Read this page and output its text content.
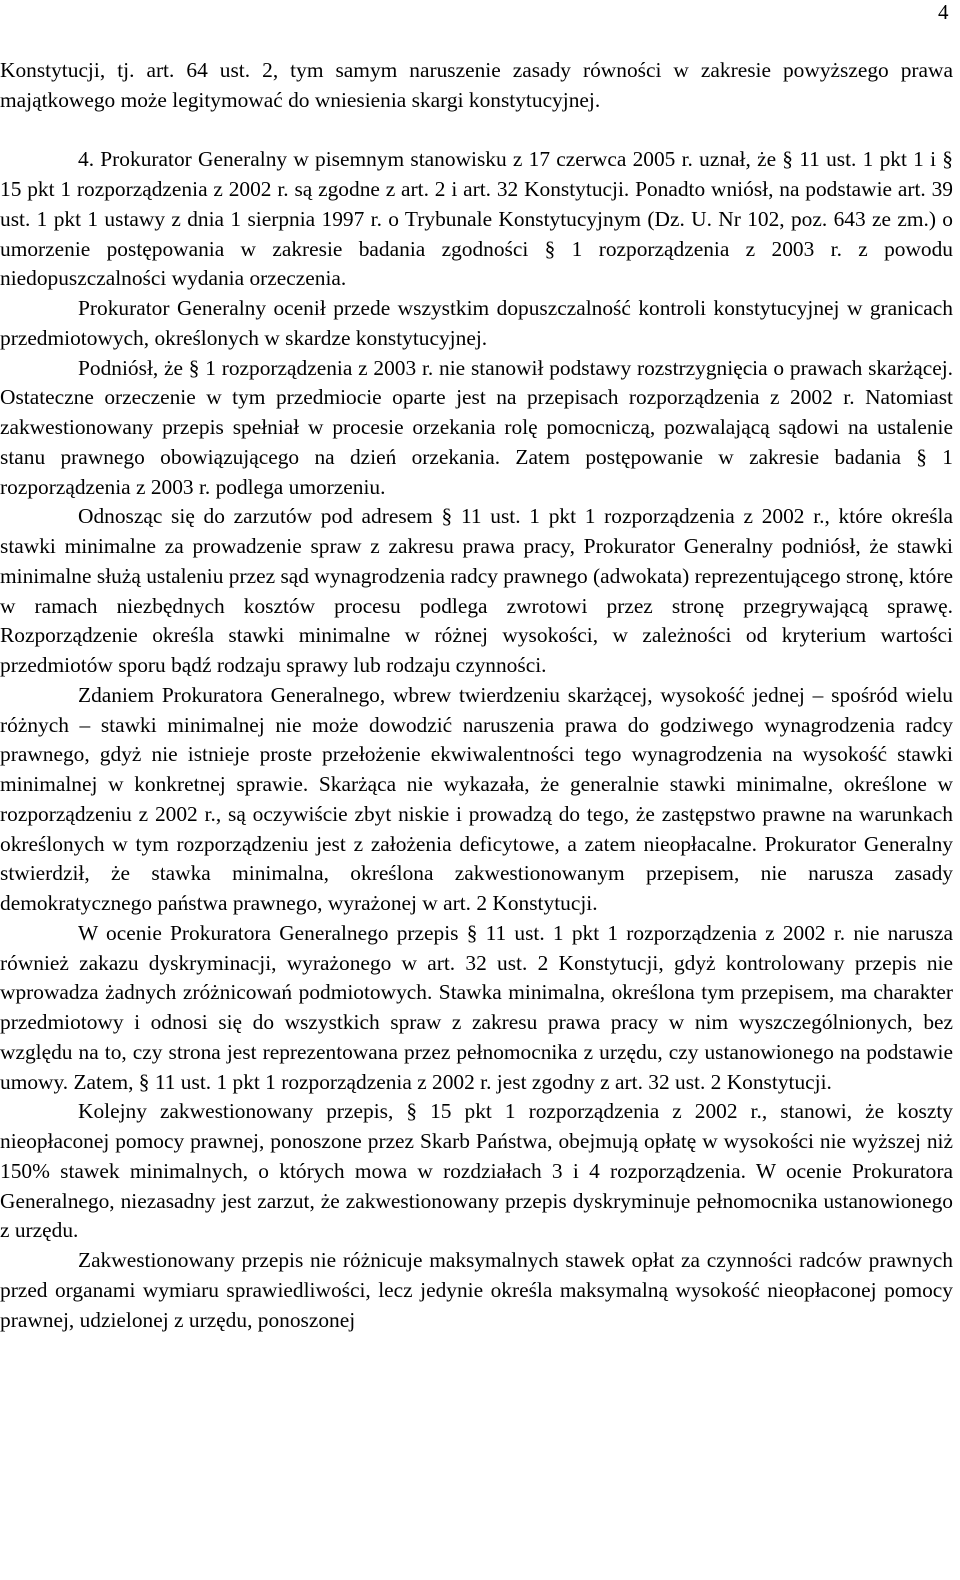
4

Konstytucji, tj. art. 64 ust. 2, tym samym naruszenie zasady równości w zakresie powyższego prawa majątkowego może legitymować do wniesienia skargi konstytucyjnej.

4. Prokurator Generalny w pisemnym stanowisku z 17 czerwca 2005 r. uznał, że § 11 ust. 1 pkt 1 i § 15 pkt 1 rozporządzenia z 2002 r. są zgodne z art. 2 i art. 32 Konstytucji. Ponadto wniósł, na podstawie art. 39 ust. 1 pkt 1 ustawy z dnia 1 sierpnia 1997 r. o Trybunale Konstytucyjnym (Dz. U. Nr 102, poz. 643 ze zm.) o umorzenie postępowania w zakresie badania zgodności § 1 rozporządzenia z 2003 r. z powodu niedopuszczalności wydania orzeczenia.

Prokurator Generalny ocenił przede wszystkim dopuszczalność kontroli konstytucyjnej w granicach przedmiotowych, określonych w skardze konstytucyjnej.

Podniósł, że § 1 rozporządzenia z 2003 r. nie stanowił podstawy rozstrzygnięcia o prawach skarżącej. Ostateczne orzeczenie w tym przedmiocie oparte jest na przepisach rozporządzenia z 2002 r. Natomiast zakwestionowany przepis spełniał w procesie orzekania rolę pomocniczą, pozwalającą sądowi na ustalenie stanu prawnego obowiązującego na dzień orzekania. Zatem postępowanie w zakresie badania § 1 rozporządzenia z 2003 r. podlega umorzeniu.

Odnosząc się do zarzutów pod adresem § 11 ust. 1 pkt 1 rozporządzenia z 2002 r., które określa stawki minimalne za prowadzenie spraw z zakresu prawa pracy, Prokurator Generalny podniósł, że stawki minimalne służą ustaleniu przez sąd wynagrodzenia radcy prawnego (adwokata) reprezentującego stronę, które w ramach niezbędnych kosztów procesu podlega zwrotowi przez stronę przegrywającą sprawę. Rozporządzenie określa stawki minimalne w różnej wysokości, w zależności od kryterium wartości przedmiotów sporu bądź rodzaju sprawy lub rodzaju czynności.

Zdaniem Prokuratora Generalnego, wbrew twierdzeniu skarżącej, wysokość jednej – spośród wielu różnych – stawki minimalnej nie może dowodzić naruszenia prawa do godziwego wynagrodzenia radcy prawnego, gdyż nie istnieje proste przełożenie ekwiwalentności tego wynagrodzenia na wysokość stawki minimalnej w konkretnej sprawie. Skarżąca nie wykazała, że generalnie stawki minimalne, określone w rozporządzeniu z 2002 r., są oczywiście zbyt niskie i prowadzą do tego, że zastępstwo prawne na warunkach określonych w tym rozporządzeniu jest z założenia deficytowe, a zatem nieopłacalne. Prokurator Generalny stwierdził, że stawka minimalna, określona zakwestionowanym przepisem, nie narusza zasady demokratycznego państwa prawnego, wyrażonej w art. 2 Konstytucji.

W ocenie Prokuratora Generalnego przepis § 11 ust. 1 pkt 1 rozporządzenia z 2002 r. nie narusza również zakazu dyskryminacji, wyrażonego w art. 32 ust. 2 Konstytucji, gdyż kontrolowany przepis nie wprowadza żadnych zróżnicowań podmiotowych. Stawka minimalna, określona tym przepisem, ma charakter przedmiotowy i odnosi się do wszystkich spraw z zakresu prawa pracy w nim wyszczególnionych, bez względu na to, czy strona jest reprezentowana przez pełnomocnika z urzędu, czy ustanowionego na podstawie umowy. Zatem, § 11 ust. 1 pkt 1 rozporządzenia z 2002 r. jest zgodny z art. 32 ust. 2 Konstytucji.

Kolejny zakwestionowany przepis, § 15 pkt 1 rozporządzenia z 2002 r., stanowi, że koszty nieopłaconej pomocy prawnej, ponoszone przez Skarb Państwa, obejmują opłatę w wysokości nie wyższej niż 150% stawek minimalnych, o których mowa w rozdziałach 3 i 4 rozporządzenia. W ocenie Prokuratora Generalnego, niezasadny jest zarzut, że zakwestionowany przepis dyskryminuje pełnomocnika ustanowionego z urzędu.

Zakwestionowany przepis nie różnicuje maksymalnych stawek opłat za czynności radców prawnych przed organami wymiaru sprawiedliwości, lecz jedynie określa maksymalną wysokość nieopłaconej pomocy prawnej, udzielonej z urzędu, ponoszonej
